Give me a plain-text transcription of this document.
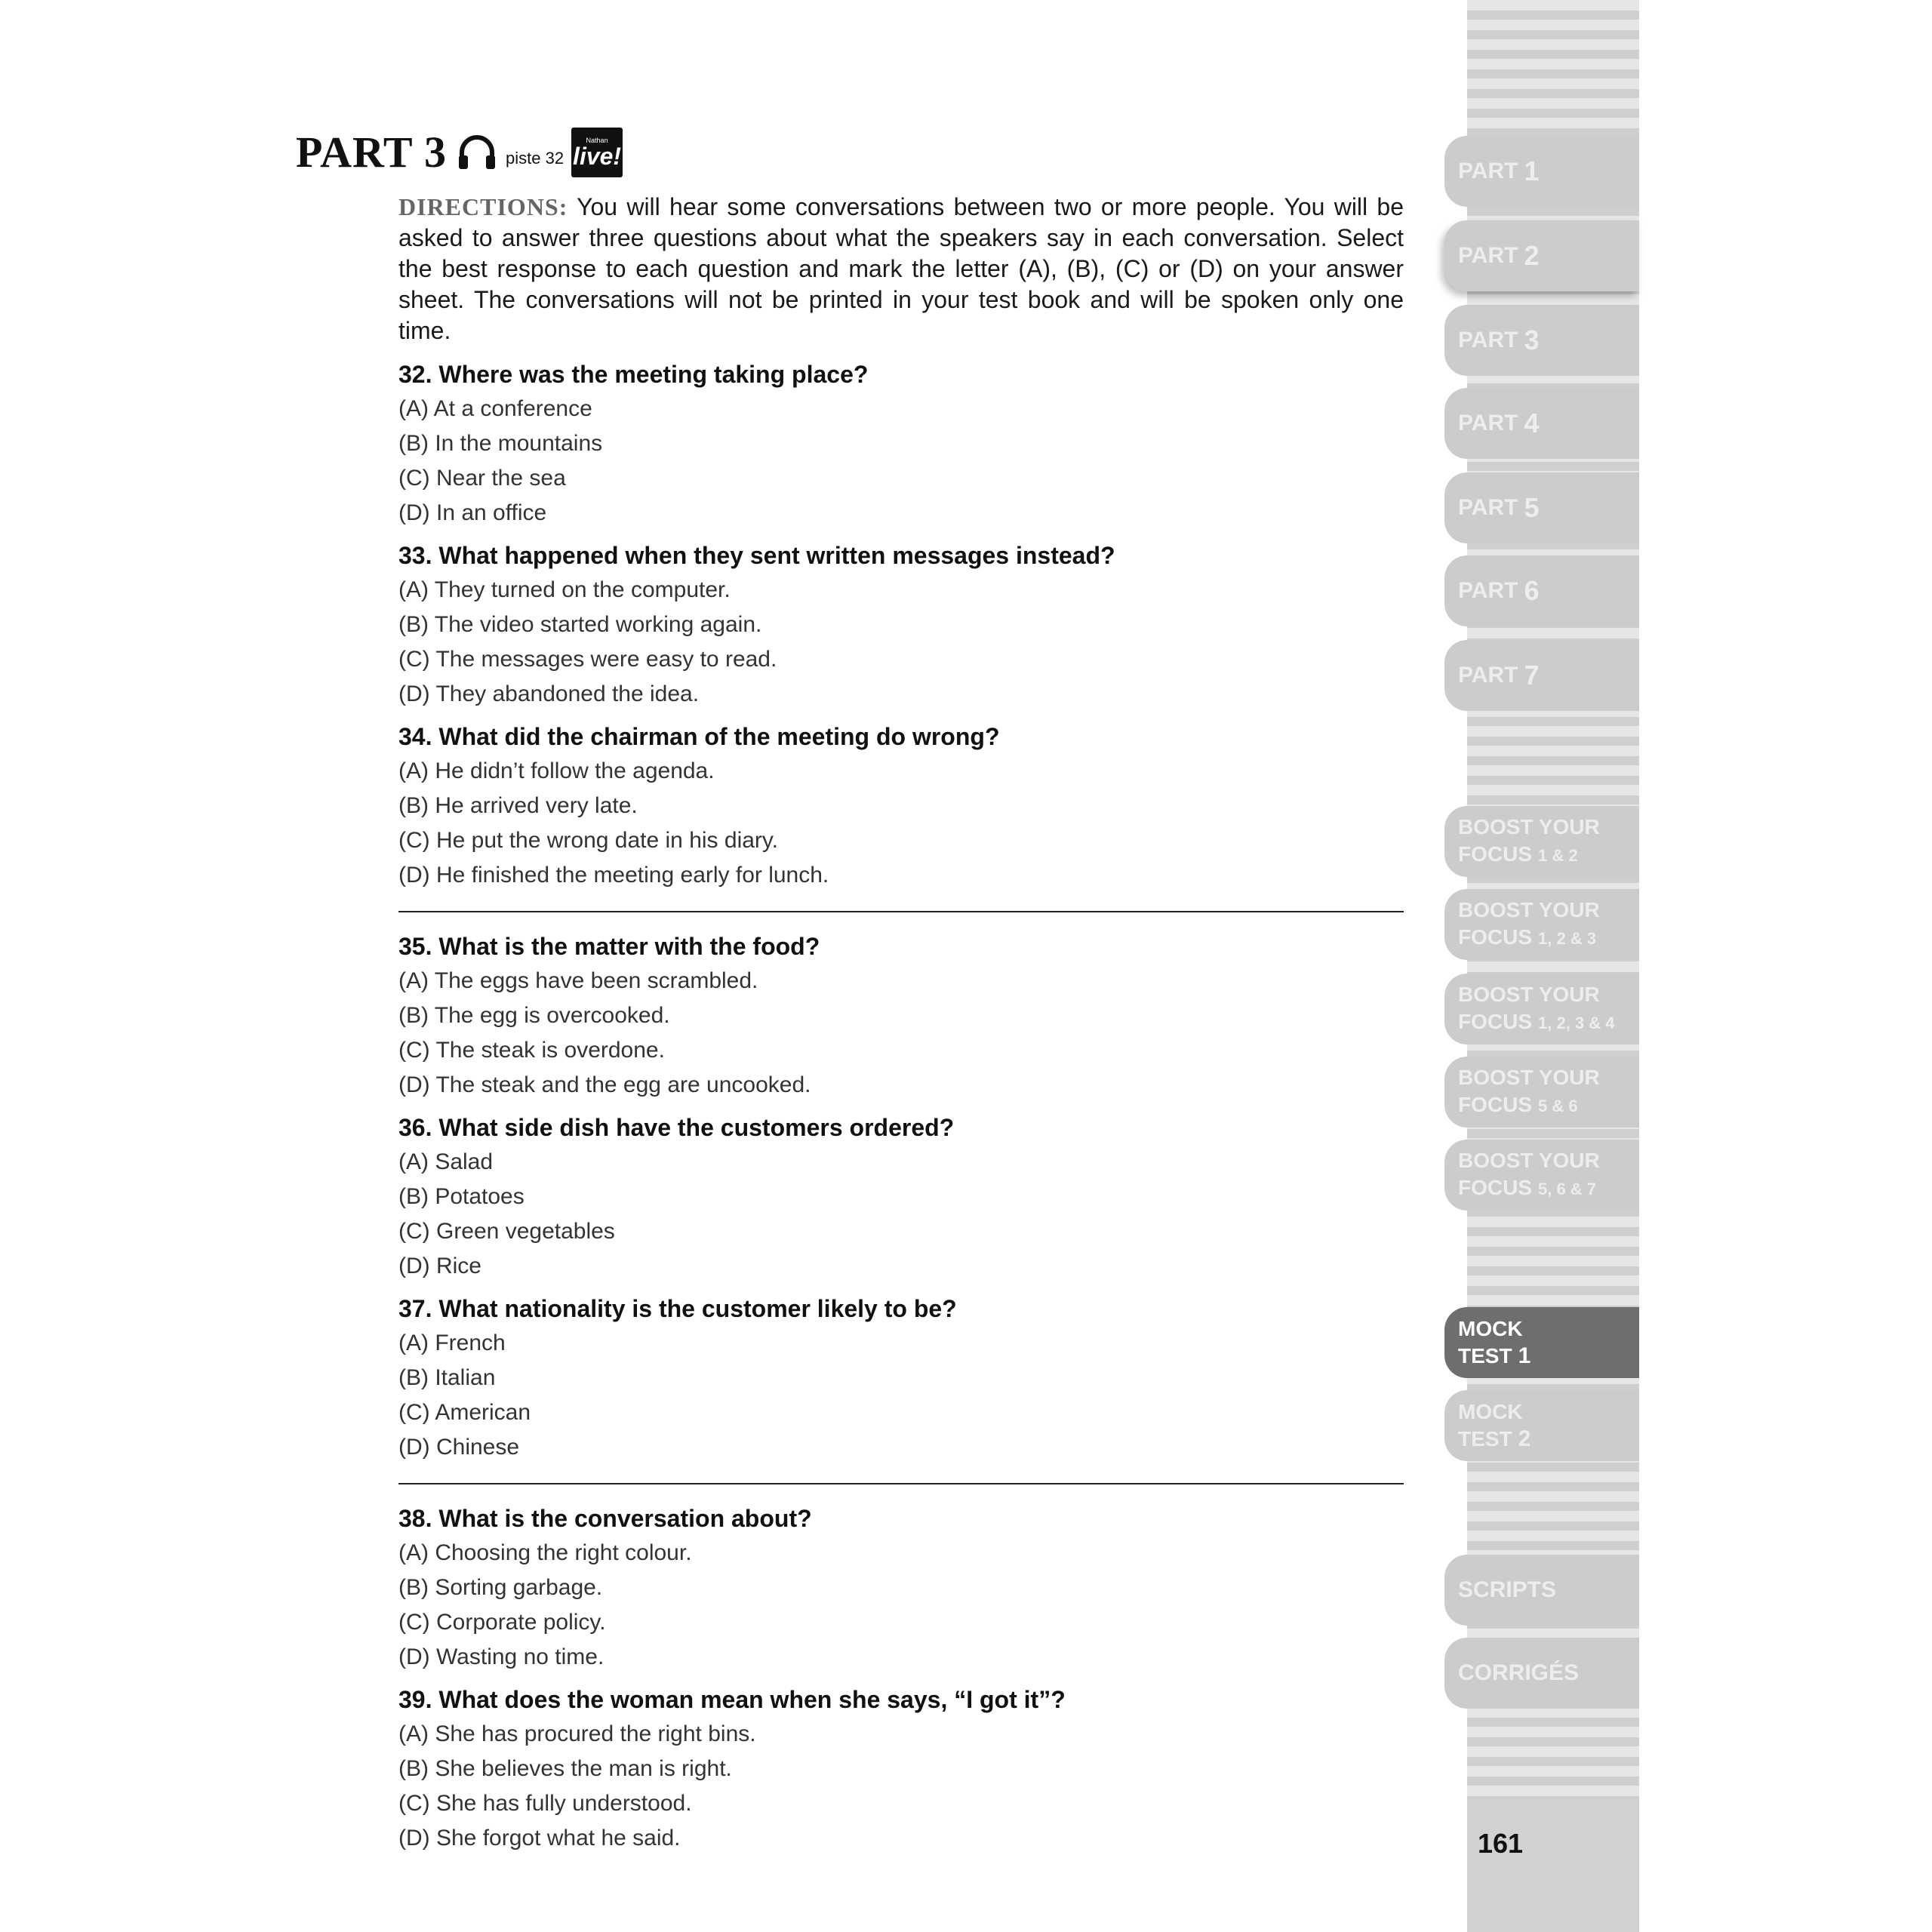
PART 3	piste 32
Nathan
live!

DIRECTIONS: You will hear some conversations between two or more people. You will be asked to answer three questions about what the speakers say in each conversation. Select the best response to each question and mark the letter (A), (B), (C) or (D) on your answer sheet. The conversations will not be printed in your test book and will be spoken only one time.

32. Where was the meeting taking place?

(A) At a conference
(B) In the mountains
(C) Near the sea
(D) In an office

33. What happened when they sent written messages instead?

(A) They turned on the computer.
(B) The video started working again.
(C) The messages were easy to read.
(D) They abandoned the idea.

34. What did the chairman of the meeting do wrong?

(A) He didn’t follow the agenda.
(B) He arrived very late.
(C) He put the wrong date in his diary.
(D) He finished the meeting early for lunch.

35. What is the matter with the food?

(A) The eggs have been scrambled.
(B) The egg is overcooked.
(C) The steak is overdone.
(D) The steak and the egg are uncooked.

36. What side dish have the customers ordered?

(A) Salad
(B) Potatoes
(C) Green vegetables
(D) Rice

37. What nationality is the customer likely to be?

(A) French
(B) Italian
(C) American
(D) Chinese

38. What is the conversation about?

(A) Choosing the right colour.
(B) Sorting garbage.
(C) Corporate policy.
(D) Wasting no time.

39. What does the woman mean when she says, “I got it”?

(A) She has procured the right bins.
(B) She believes the man is right.
(C) She has fully understood.
(D) She forgot what he said.
PART 1
PART 2
PART 3
PART 4
PART 5
PART 6
PART 7
BOOST YOUR
FOCUS 1 & 2
BOOST YOUR
FOCUS 1, 2 & 3
BOOST YOUR
FOCUS 1, 2, 3 & 4
BOOST YOUR
FOCUS 5 & 6
BOOST YOUR
FOCUS 5, 6 & 7
MOCK
TEST 1
MOCK
TEST 2
SCRIPTS
CORRIGÉS
161
